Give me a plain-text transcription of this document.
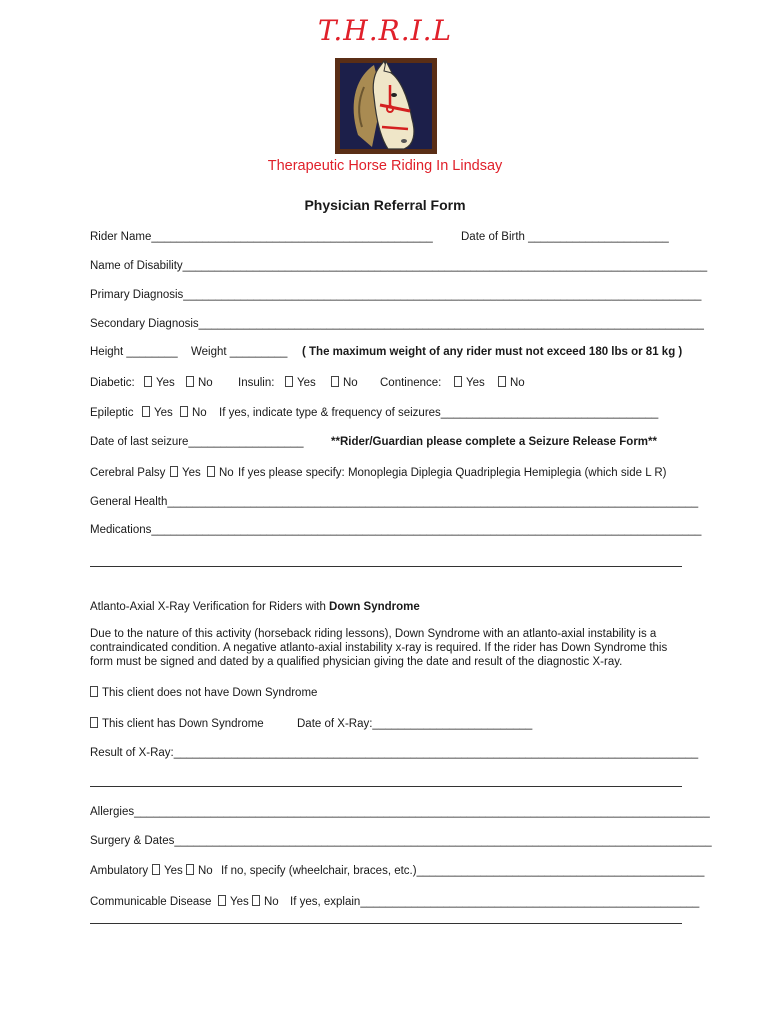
T.H.R.I.L
Therapeutic Horse Riding In Lindsay
Physician Referral Form
Rider Name____________________________________________ Date of Birth ______________________
Name of Disability__________________________________________________________________________________
Primary Diagnosis_________________________________________________________________________________
Secondary Diagnosis_______________________________________________________________________________
Height ________ Weight _________ ( The maximum weight of any rider must not exceed 180 lbs or 81 kg )
Diabetic:	Yes	No Insulin:	Yes	No Continence:	Yes	No
Epileptic	Yes	No If yes, indicate type & frequency of seizures__________________________________
Date of last seizure__________________ **Rider/Guardian please complete a Seizure Release Form**
Cerebral Palsy	Yes	No If yes please specify: Monoplegia Diplegia Quadriplegia Hemiplegia (which side L R)
General Health___________________________________________________________________________________
Medications______________________________________________________________________________________
Atlanto-Axial X-Ray Verification for Riders with Down Syndrome
Due to the nature of this activity (horseback riding lessons), Down Syndrome with an atlanto-axial instability is a contraindicated condition. A negative atlanto-axial instability x-ray is required. If the rider has Down Syndrome this form must be signed and dated by a qualified physician giving the date and result of the diagnostic X-ray.
This client does not have Down Syndrome
This client has Down Syndrome	Date of X-Ray:_________________________
Result of X-Ray:__________________________________________________________________________________
Allergies__________________________________________________________________________________________
Surgery & Dates____________________________________________________________________________________
Ambulatory	Yes	No If no, specify (wheelchair, braces, etc.)_____________________________________________
Communicable Disease	Yes	No If yes, explain_____________________________________________________
